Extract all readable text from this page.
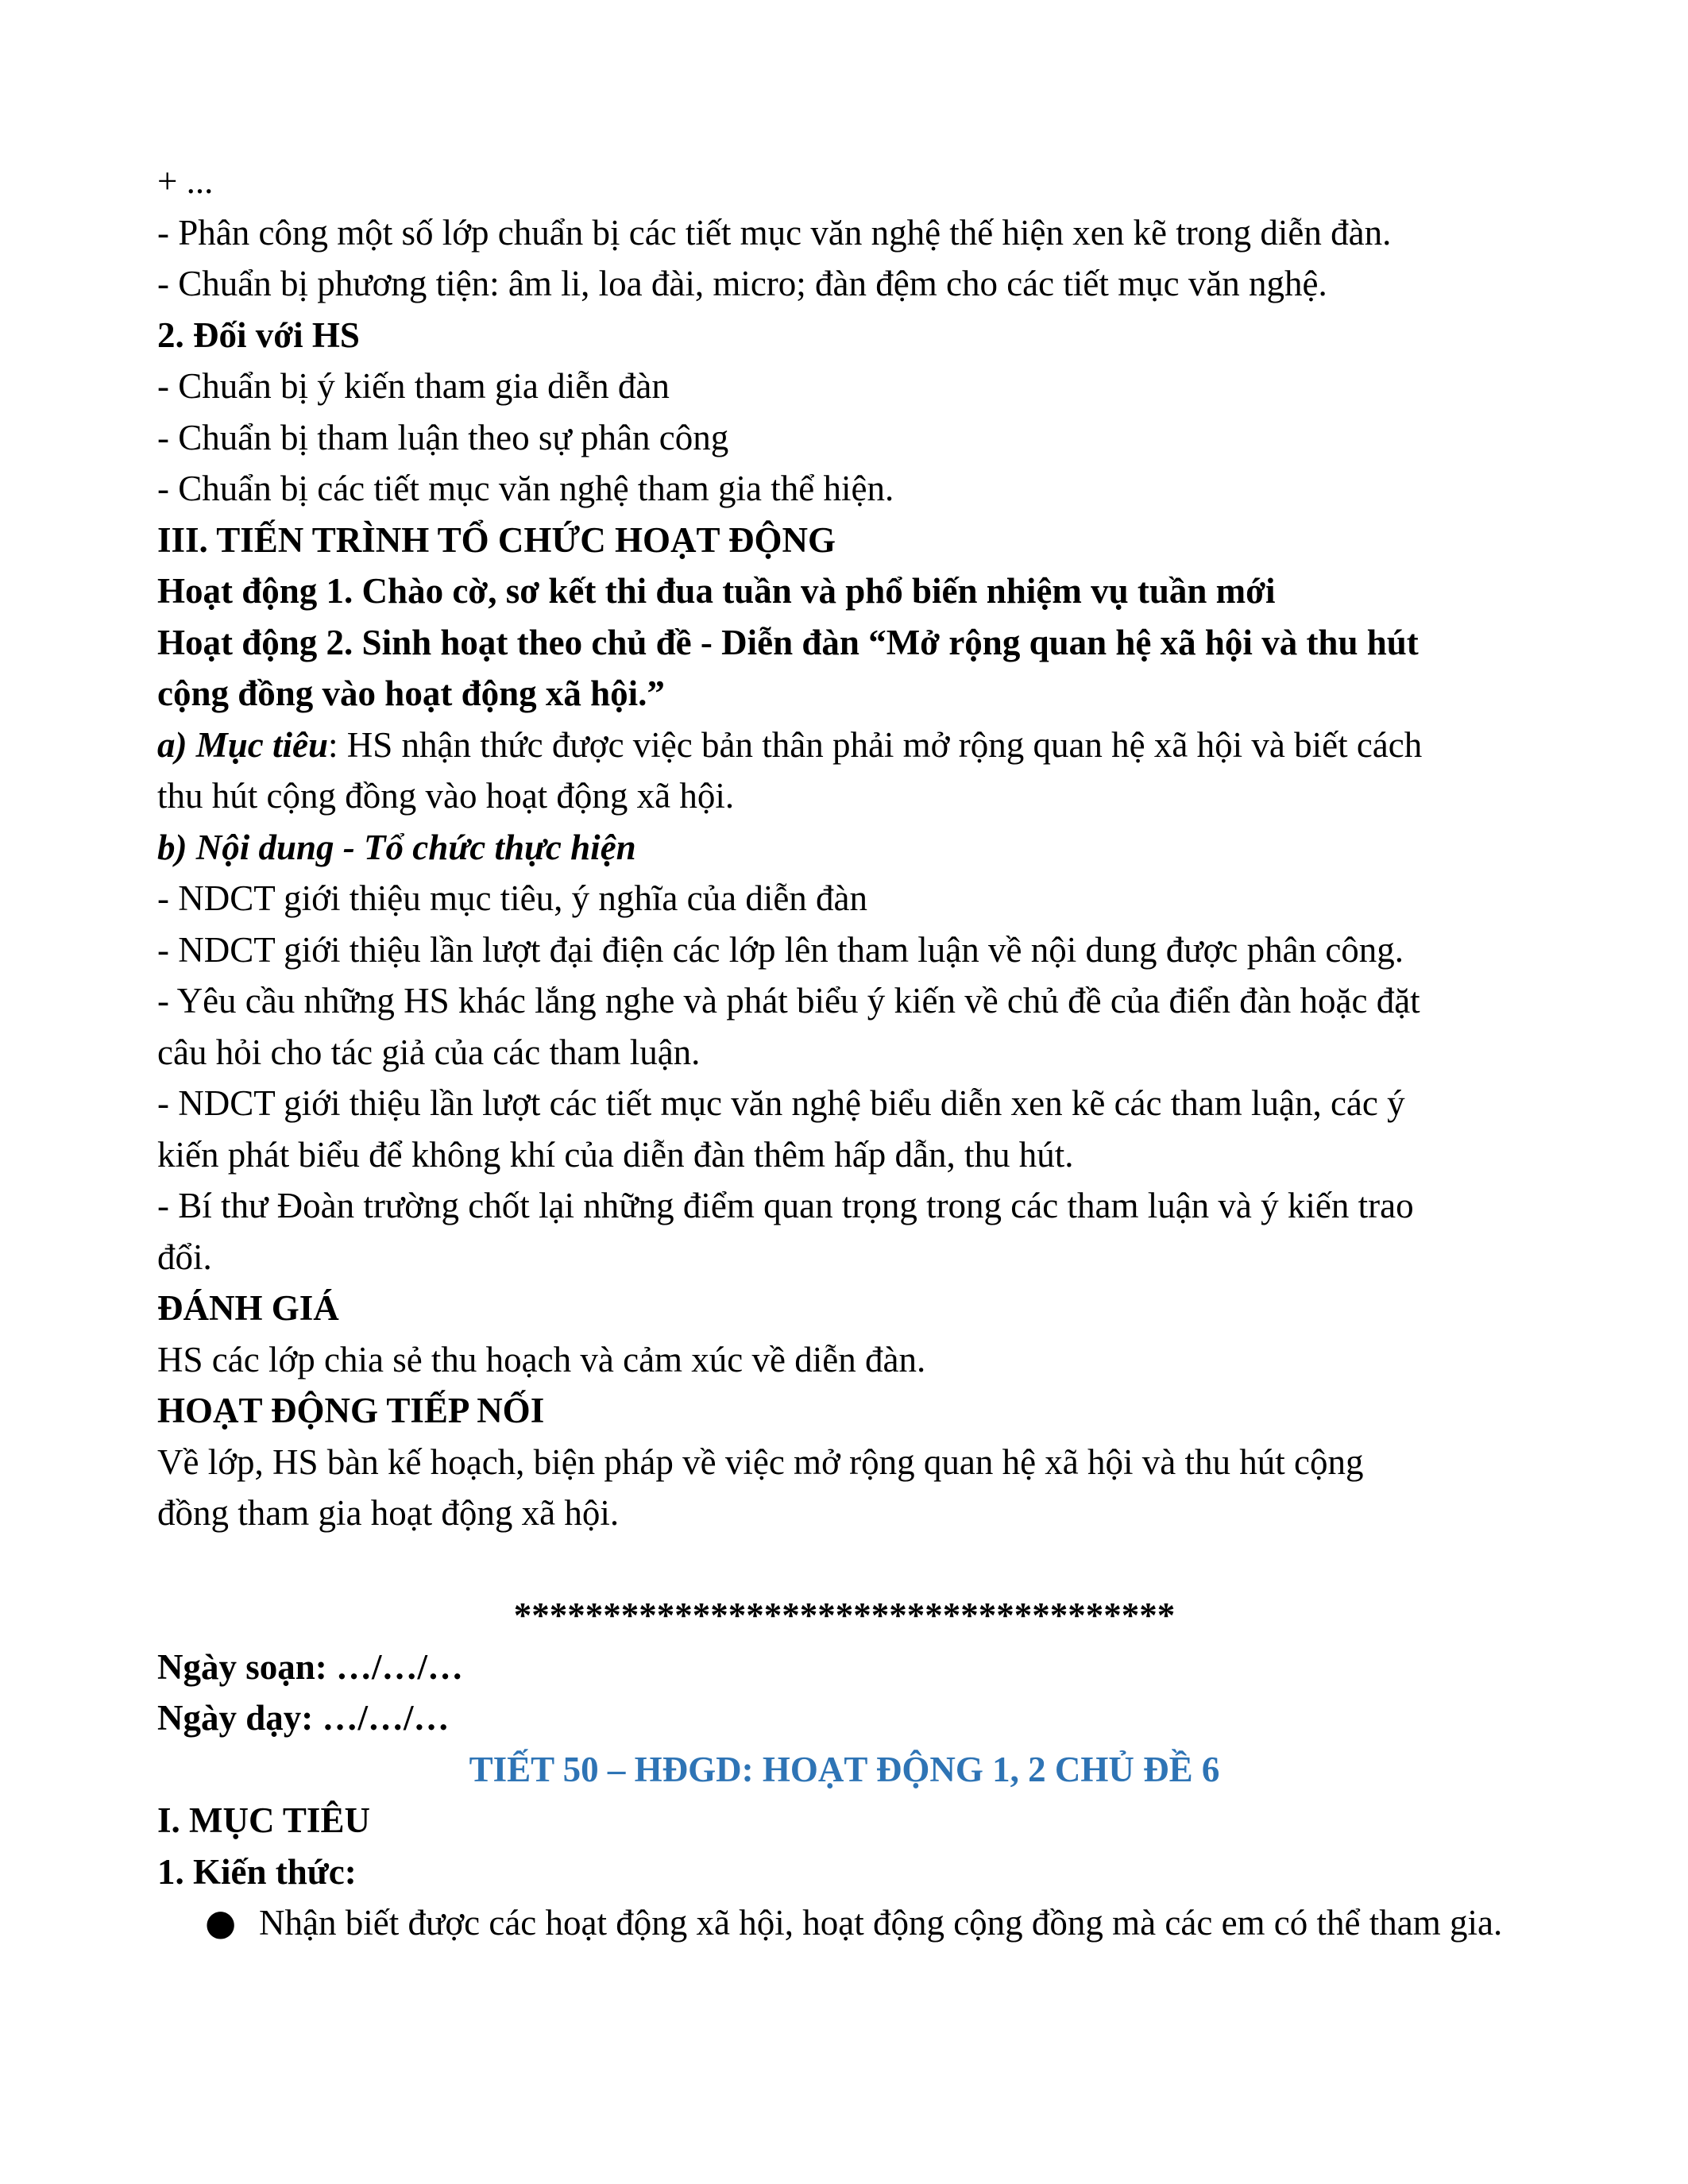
+ ...

- Phân công một số lớp chuẩn bị các tiết mục văn nghệ thế hiện xen kẽ trong diễn đàn.

- Chuẩn bị phương tiện: âm li, loa đài, micro; đàn đệm cho các tiết mục văn nghệ.

2. Đối với HS

- Chuẩn bị ý kiến tham gia diễn đàn

- Chuẩn bị tham luận theo sự phân công

- Chuẩn bị các tiết mục văn nghệ tham gia thể hiện.

III. TIẾN TRÌNH TỔ CHỨC HOẠT ĐỘNG

Hoạt động 1. Chào cờ, sơ kết thi đua tuần và phổ biến nhiệm vụ tuần mới

Hoạt động 2. Sinh hoạt theo chủ đề - Diễn đàn “Mở rộng quan hệ xã hội và thu hút

cộng đồng vào hoạt động xã hội.”

a) Mục tiêu: HS nhận thức được việc bản thân phải mở rộng quan hệ xã hội và biết cách

thu hút cộng đồng vào hoạt động xã hội.

b) Nội dung - Tổ chức thực hiện

- NDCT giới thiệu mục tiêu, ý nghĩa của diễn đàn

- NDCT giới thiệu lần lượt đại điện các lớp lên tham luận về nội dung được phân công.

- Yêu cầu những HS khác lắng nghe và phát biểu ý kiến về chủ đề của điển đàn hoặc đặt

câu hỏi cho tác giả của các tham luận.

- NDCT giới thiệu lần lượt các tiết mục văn nghệ biểu diễn xen kẽ các tham luận, các ý

kiến phát biểu để không khí của diễn đàn thêm hấp dẫn, thu hút.

- Bí thư Đoàn trường chốt lại những điểm quan trọng trong các tham luận và ý kiến trao

đổi.

ĐÁNH GIÁ

HS các lớp chia sẻ thu hoạch và cảm xúc về diễn đàn.

HOẠT ĐỘNG TIẾP NỐI

Về lớp, HS bàn kế hoạch, biện pháp về việc mở rộng quan hệ xã hội và thu hút cộng

đồng tham gia hoạt động xã hội.

*************************************

Ngày soạn: …/…/…

Ngày dạy: …/…/…

TIẾT 50 – HĐGD: HOẠT ĐỘNG 1, 2 CHỦ ĐỀ 6

I. MỤC TIÊU

1. Kiến thức:

● Nhận biết được các hoạt động xã hội, hoạt động cộng đồng mà các em có thể tham gia.
